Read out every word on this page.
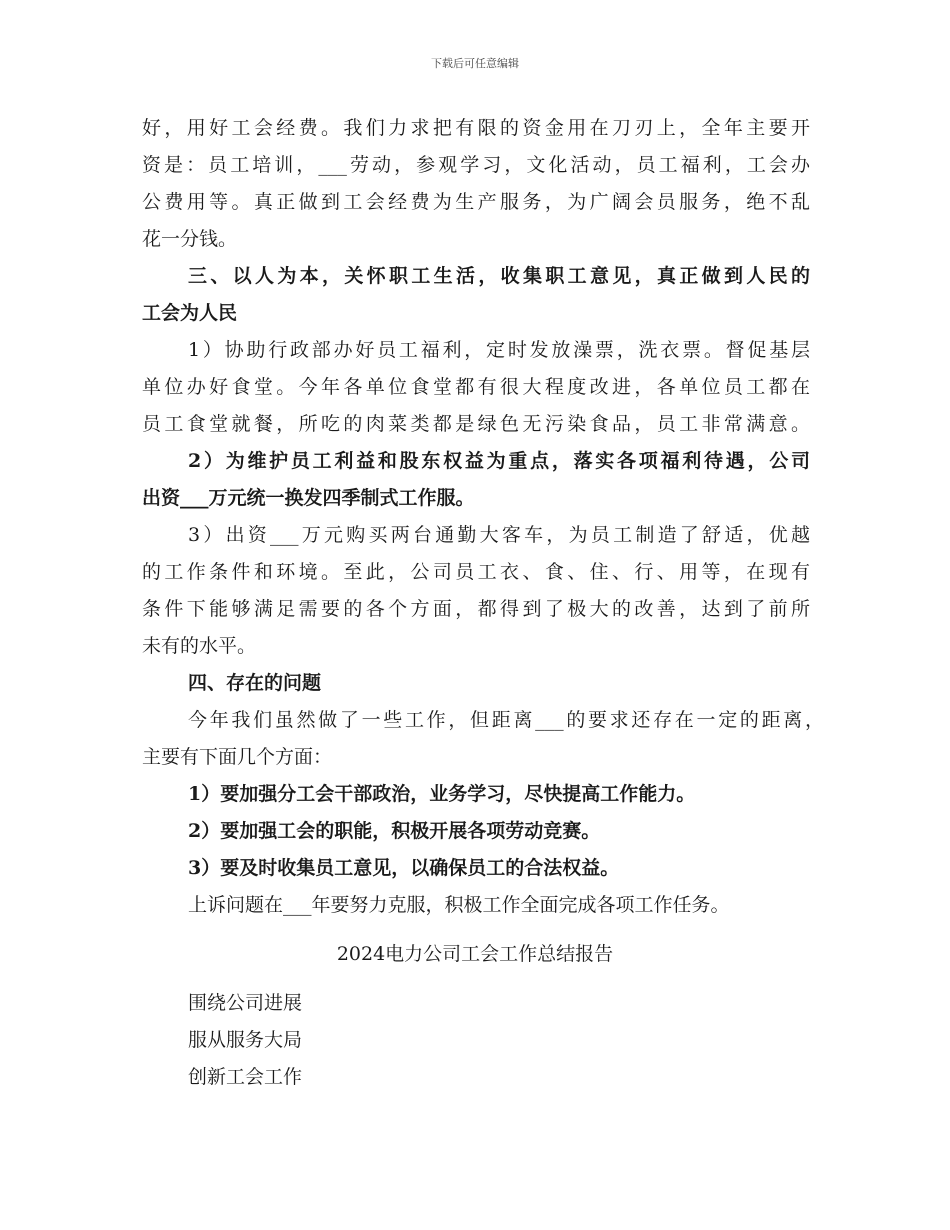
下载后可任意编辑
好，用好工会经费。我们力求把有限的资金用在刀刃上，全年主要开
资是：员工培训，___劳动，参观学习，文化活动，员工福利，工会办
公费用等。真正做到工会经费为生产服务，为广阔会员服务，绝不乱
花一分钱。
三、以人为本，关怀职工生活，收集职工意见，真正做到人民的
工会为人民
1）协助行政部办好员工福利，定时发放澡票，洗衣票。督促基层
单位办好食堂。今年各单位食堂都有很大程度改进，各单位员工都在
员工食堂就餐，所吃的肉菜类都是绿色无污染食品，员工非常满意。
2）为维护员工利益和股东权益为重点，落实各项福利待遇，公司
出资___万元统一换发四季制式工作服。
3）出资___万元购买两台通勤大客车，为员工制造了舒适，优越
的工作条件和环境。至此，公司员工衣、食、住、行、用等，在现有
条件下能够满足需要的各个方面，都得到了极大的改善，达到了前所
未有的水平。
四、存在的问题
今年我们虽然做了一些工作，但距离___的要求还存在一定的距离，
主要有下面几个方面：
1）要加强分工会干部政治，业务学习，尽快提高工作能力。
2）要加强工会的职能，积极开展各项劳动竞赛。
3）要及时收集员工意见，以确保员工的合法权益。
上诉问题在___年要努力克服，积极工作全面完成各项工作任务。
2024电力公司工会工作总结报告
围绕公司进展
服从服务大局
创新工会工作
